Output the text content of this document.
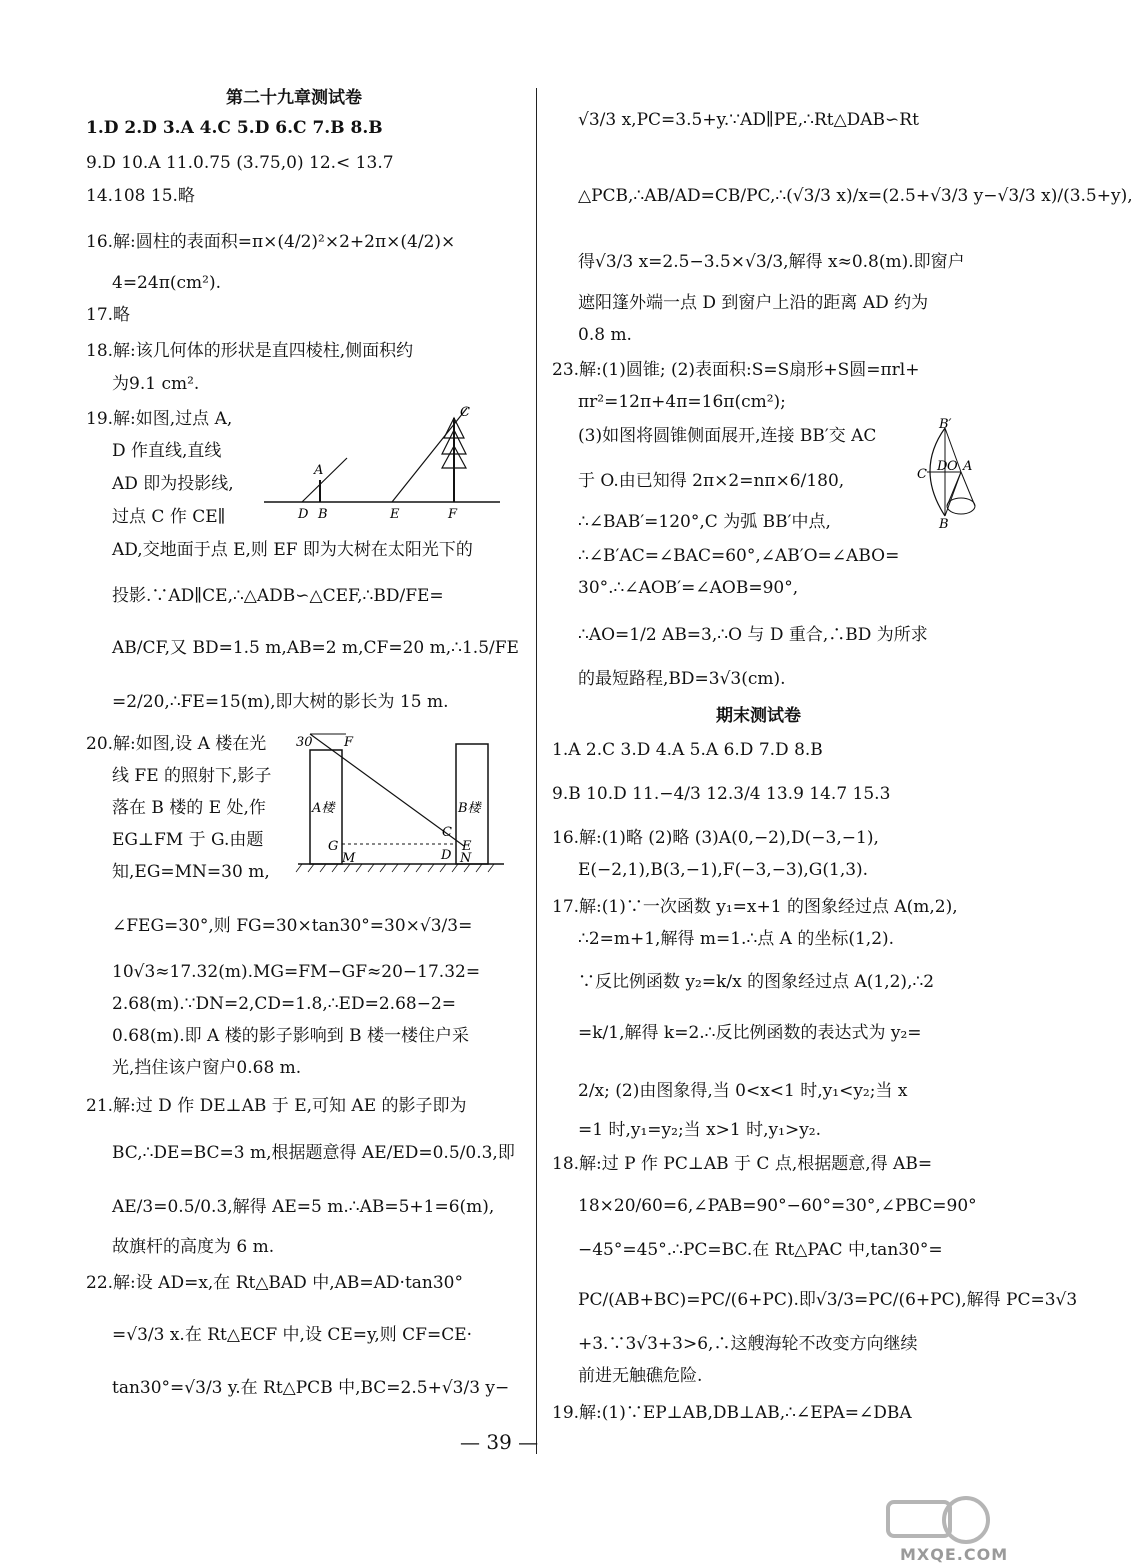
第二十九章测试卷
1.D 2.D 3.A 4.C 5.D 6.C 7.B 8.B
9.D 10.A 11.0.75 (3.75,0) 12.< 13.7
14.108 15.略
16.解:圆柱的表面积=π×(4/2)²×2+2π×(4/2)×
4=24π(cm²).
17.略
18.解:该几何体的形状是直四棱柱,侧面积约
为9.1 cm².
19.解:如图,过点 A,
D 作直线,直线
AD 即为投影线,
过点 C 作 CE∥
AD,交地面于点 E,则 EF 即为大树在太阳光下的
投影.∵AD∥CE,∴△ADB∽△CEF,∴BD/FE=
AB/CF,又 BD=1.5 m,AB=2 m,CF=20 m,∴1.5/FE
=2/20,∴FE=15(m),即大树的影长为 15 m.
20.解:如图,设 A 楼在光
线 FE 的照射下,影子
落在 B 楼的 E 处,作
EG⊥FM 于 G.由题
知,EG=MN=30 m,
∠FEG=30°,则 FG=30×tan30°=30×√3/3=
10√3≈17.32(m).MG=FM−GF≈20−17.32=
2.68(m).∵DN=2,CD=1.8,∴ED=2.68−2=
0.68(m).即 A 楼的影子影响到 B 楼一楼住户采
光,挡住该户窗户0.68 m.
21.解:过 D 作 DE⊥AB 于 E,可知 AE 的影子即为
BC,∴DE=BC=3 m,根据题意得 AE/ED=0.5/0.3,即
AE/3=0.5/0.3,解得 AE=5 m.∴AB=5+1=6(m),
故旗杆的高度为 6 m.
22.解:设 AD=x,在 Rt△BAD 中,AB=AD·tan30°
=√3/3 x.在 Rt△ECF 中,设 CE=y,则 CF=CE·
tan30°=√3/3 y.在 Rt△PCB 中,BC=2.5+√3/3 y−
C
A
D B	E	F
30 F
A楼	B楼
G
M
C
D
E
N
√3/3 x,PC=3.5+y.∵AD∥PE,∴Rt△DAB∽Rt
△PCB,∴AB/AD=CB/PC,∴(√3/3 x)/x=(2.5+√3/3 y−√3/3 x)/(3.5+y),
得√3/3 x=2.5−3.5×√3/3,解得 x≈0.8(m).即窗户
遮阳篷外端一点 D 到窗户上沿的距离 AD 约为
0.8 m.
23.解:(1)圆锥; (2)表面积:S=S扇形+S圆=πrl+
πr²=12π+4π=16π(cm²);
(3)如图将圆锥侧面展开,连接 BB′交 AC
于 O.由已知得 2π×2=nπ×6/180,
∴∠BAB′=120°,C 为弧 BB′中点,
∴∠B′AC=∠BAC=60°,∠AB′O=∠ABO=
30°.∴∠AOB′=∠AOB=90°,
∴AO=1/2 AB=3,∴O 与 D 重合,∴BD 为所求
的最短路程,BD=3√3(cm).
期末测试卷
1.A 2.C 3.D 4.A 5.A 6.D 7.D 8.B
9.B 10.D 11.−4/3 12.3/4 13.9 14.7 15.3
16.解:(1)略 (2)略 (3)A(0,−2),D(−3,−1),
E(−2,1),B(3,−1),F(−3,−3),G(1,3).
17.解:(1)∵一次函数 y₁=x+1 的图象经过点 A(m,2),
∴2=m+1,解得 m=1.∴点 A 的坐标(1,2).
∵反比例函数 y₂=k/x 的图象经过点 A(1,2),∴2
=k/1,解得 k=2.∴反比例函数的表达式为 y₂=
2/x; (2)由图象得,当 0<x<1 时,y₁<y₂;当 x
=1 时,y₁=y₂;当 x>1 时,y₁>y₂.
18.解:过 P 作 PC⊥AB 于 C 点,根据题意,得 AB=
18×20/60=6,∠PAB=90°−60°=30°,∠PBC=90°
−45°=45°.∴PC=BC.在 Rt△PAC 中,tan30°=
PC/(AB+BC)=PC/(6+PC).即√3/3=PC/(6+PC),解得 PC=3√3
+3.∵3√3+3>6,∴这艘海轮不改变方向继续
前进无触礁危险.
19.解:(1)∵EP⊥AB,DB⊥AB,∴∠EPA=∠DBA
B′
C
D O A
B
— 39 —
MXQE.COM
